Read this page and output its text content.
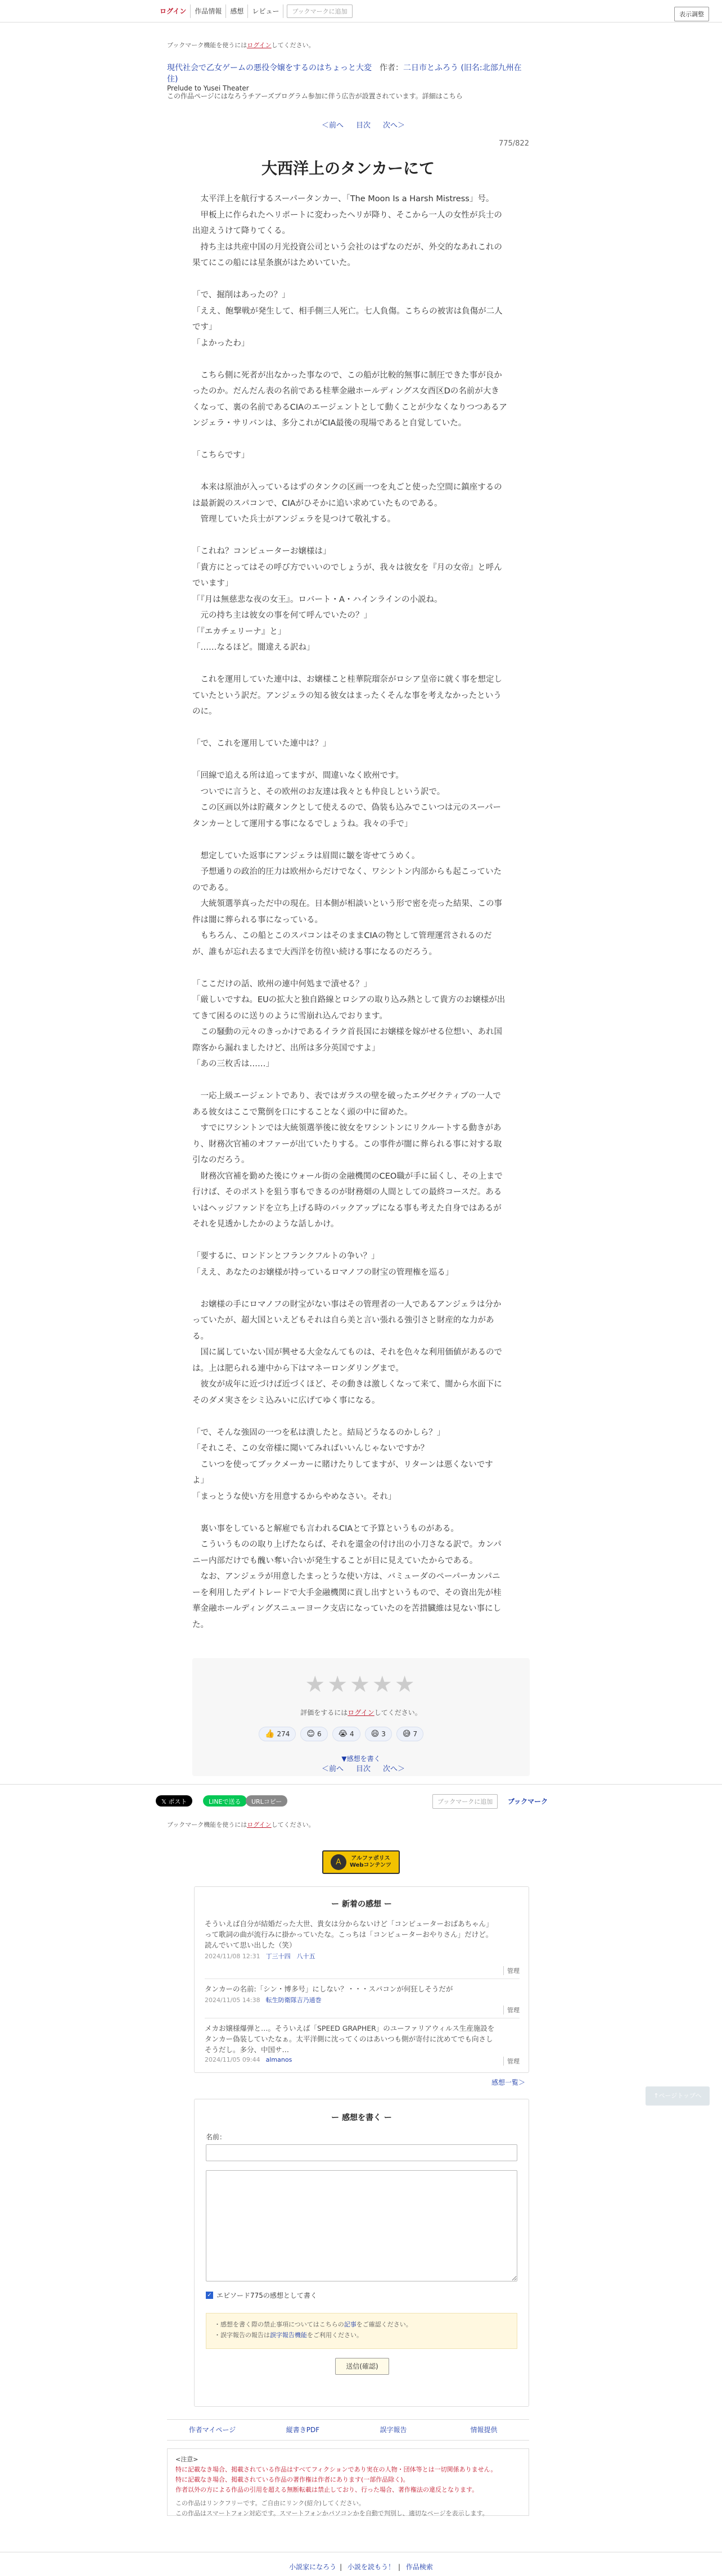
ログイン	作品情報	感想	レビュー	ブックマークに追加	表示調整
ブックマーク機能を使うにはログインしてください。
現代社会で乙女ゲームの悪役令嬢をするのはちょっと大変　 作者：二日市とふろう (旧名:北部九州在住)
Prelude to Yusei Theater
この作品ページにはなろうチアーズプログラム参加に伴う広告が設置されています。詳細はこちら
＜前へ 目次 次へ＞
775/822
大西洋上のタンカーにて
　太平洋上を航行するスーパータンカー、「The Moon Is a Harsh Mistress」号。
　甲板上に作られたヘリポートに変わったヘリが降り、そこから一人の女性が兵士の出迎えうけて降りてくる。
　持ち主は共産中国の月光投資公司という会社のはずなのだが、外交的なあれこれの果てにこの船には星条旗がはためいていた。

「で、掘削はあったの？」
「ええ、飽撃戦が発生して、相手側三人死亡。七人負傷。こちらの被害は負傷が二人です」
「よかったわ」

　こちら側に死者が出なかった事なので、この船が比較的無事に制圧できた事が良かったのか。だんだん表の名前である桂華金融ホールディングス女酉区Dの名前が大きくなって、裏の名前であるCIAのエージェントとして動くことが少なくなりつつあるアンジェラ・サリバンは、多分これがCIA最後の現場であると自覚していた。

「こちらです」

　本来は原油が入っているはずのタンクの区画一つを丸ごと使った空間に鎮座するのは最新鋭のスパコンで、CIAがひそかに追い求めていたものである。
　管理していた兵士がアンジェラを見つけて敬礼する。

「これね？コンピューターお嬢様は」
「貴方にとってはその呼び方でいいのでしょうが、我々は彼女を『月の女帝』と呼んでいます」
「『月は無慈悲な夜の女王』。ロバート・A・ハインラインの小説ね。
　元の持ち主は彼女の事を何て呼んでいたの？」
「『エカチェリーナ』と」
「……なるほど。闇違える訳ね」

　これを運用していた連中は、お嬢様こと桂華院瑠奈がロシア皇帝に就く事を想定していたという訳だ。アンジェラの知る彼女はまったくそんな事を考えなかったというのに。

「で、これを運用していた連中は？」

「回線で追える所は追ってますが、間違いなく欧州です。
　ついでに言うと、その欧州のお友達は我々とも仲良しという訳で。
　この区画以外は貯蔵タンクとして使えるので、偽装も込みでこいつは元のスーパータンカーとして運用する事になるでしょうね。我々の手で」

　想定していた返事にアンジェラは眉間に皺を寄せてうめく。
　予想通りの政治的圧力は欧州からだけでなく、ワシントン内部からも起こっていたのである。
　大統領選挙真っただ中の現在。日本側が相談いという形で密を売った結果、この事件は闇に葬られる事になっている。
　もちろん、この船とこのスパコンはそのままCIAの物として管理運営されるのだが、誰もが忘れ去るまで大西洋を彷徨い続ける事になるのだろう。

「ここだけの話、欧州の連中何処まで漬せる？」
「厳しいですね。EUの拡大と独自路線とロシアの取り込み熱として貴方のお嬢様が出てきて困るのに送りのように雪崩れ込んでおります。
　この騒動の元々のきっかけであるイラク首長国にお嬢様を嫁がせる位想い、あれ国際客から漏れましたけど、出所は多分英国ですよ」
「あの三枚舌は……」

　一応上級エージェントであり、表ではガラスの壁を破ったエグゼクティブの一人である彼女はここで驚倒を口にすることなく頭の中に留めた。
　すでにワシントンでは大統領選挙後に彼女をワシントンにリクルートする動きがあり、財務次官補のオファーが出ていたりする。この事件が闇に葬られる事に対する取引なのだろう。
　財務次官補を勤めた後にウォール街の金融機関のCEO職が手に届くし、その上まで行けば、そのポストを狙う事もできるのが財務畑の人間としての最終コースだ。あるいはヘッジファンドを立ち上げる時のバックアップになる事も考えた自身ではあるがそれを見透かしたかのような話しかけ。

「要するに、ロンドンとフランクフルトの争い？」
「ええ、あなたのお嬢様が持っているロマノフの財宝の管理権を巡る」

　お嬢様の手にロマノフの財宝がない事はその管理者の一人であるアンジェラは分かっていたが、超大国といえどもそれは自ら美と言い張れる強引さと財産的な力がある。
　国に属していない国が興せる大金なんてものは、それを色々な利用価値があるのでは。上は肥られる連中から下はマネーロンダリングまで。
　彼女が成年に近づけば近づくほど、その動きは激しくなって来て、闇から水面下にそのダメ実さをシミ込みいに広げてゆく事になる。

「で、そんな強固の一つを私は潰したと。結局どうなるのかしら？」
「それこそ、この女帝様に聞いてみればいいんじゃないですか？
　こいつを使ってブックメーカーに賭けたりしてますが、リターンは悪くないですよ」
「まっとうな使い方を用意するからやめなさい。それ」

　裏い事をしていると解雇でも言われるCIAとて予算というものがある。
　こういうものの取り上げたならば、それを還金の付け出の小刀さなる訳で。カンパニー内部だけでも醜い奪い合いが発生することが目に見えていたからである。
　なお、アンジェラが用意したまっとうな使い方は、バミューダのペーパーカンパニーを利用したデイトレードで大手金融機関に貢し出すというもので、その資出先が桂華金融ホールディングスニューヨーク支店になっていたのを苦措臓維は見ない事にした。
★★★★★
評価をするにはログインしてください。
👍 274 😊 6 😭 4 😄 3 😅 7
▼感想を書く
＜前へ 目次 次へ＞
𝕏 ポスト	LINEで送る	URLコピー	ブックマークに追加	ブックマーク
ブックマーク機能を使うにはログインしてください。
A	アルファポリス
Webコンテンツ
ー 新着の感想 ー
そういえば自分が結婚だった大世、貴女は分からないけど「コンピューターおばあちゃん」って歌詞の曲が流行みに掛かっていたな。こっちは「コンピューターおやりさん」だけど。読んでいて思い出した（笑）
2024/11/08 12:31 丁三十四　八十五
管理
タンカーの名前:「シン・博多号」にしない？・・・スパコンが何狂しそうだが
2024/11/05 14:38 転生防衛隊吉乃通巻
管理
メカお嬢様爆弾と…。そういえば「SPEED GRAPHER」のユーファリアウィルス生産施設をタンカー偽装していたなぁ。太平洋側に沈ってくのはあいつも側が寄付に沈めてでも向さしそうだし。多分、中国サ…
2024/11/05 09:44 almanos	管理
感想一覧＞
↑ページトップへ
ー 感想を書く ー
名前：
✓ エピソード775の感想として書く
・感想を書く際の禁止事項についてはこちらの記事をご確認ください。
・誤字報告の報告は誤字報告機能をご利用ください。
送信(確認)
作者マイページ	縦書きPDF	誤字報告	情報提供
<注意>
特に記載なき場合、掲載されている作品はすべてフィクションであり実在の人物・団体等とは一切関係ありません。
特に記載なき場合、掲載されている作品の著作権は作者にあります(一部作品除く)。
作者以外の方による作品の引用を超える無断転載は禁止しており、行った場合、著作権法の違反となります。
この作品はリンクフリーです。ご自由にリンク(紹介)してください。
この作品はスマートフォン対応です。スマートフォンかパソコンかを自動で判別し、適切なページを表示します。
小説家になろう | 小説を読もう！ | 作品検索
